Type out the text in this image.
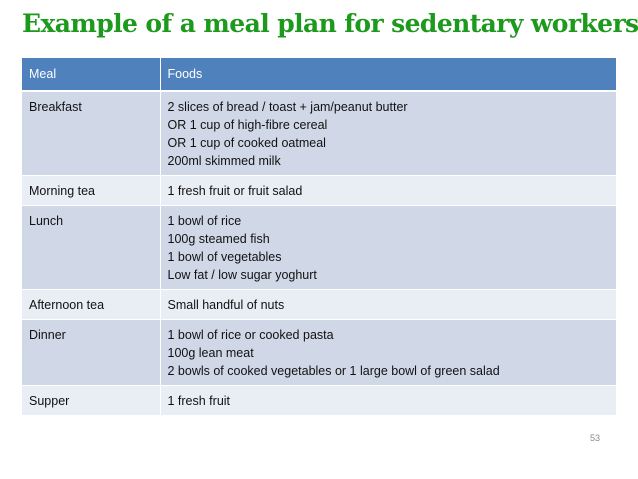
Example of a meal plan for sedentary workers
Meal	Foods
Breakfast	2 slices of bread / toast + jam/peanut butter
OR 1 cup of high-fibre cereal
OR 1 cup of cooked oatmeal
200ml skimmed milk

Morning tea	1 fresh fruit or fruit salad

Lunch	1 bowl of rice
100g steamed fish
1 bowl of vegetables
Low fat / low sugar yoghurt

Afternoon tea	Small handful of nuts

Dinner	1 bowl of rice or cooked pasta
100g lean meat
2 bowls of cooked vegetables or 1 large bowl of green salad

Supper	1 fresh fruit
53
